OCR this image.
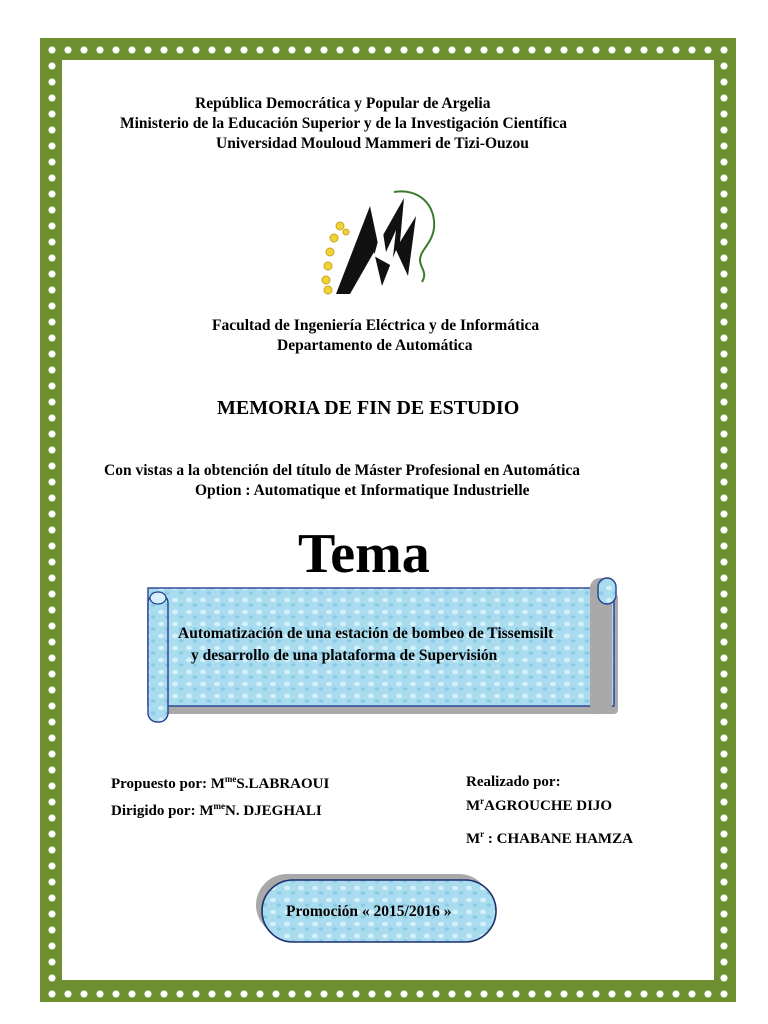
República Democrática y Popular de Argelia
Ministerio de la Educación Superior y de la Investigación Científica
Universidad Mouloud Mammeri de Tizi-Ouzou
Facultad de Ingeniería Eléctrica y de Informática
Departamento de Automática
MEMORIA DE FIN DE ESTUDIO
Con vistas a la obtención del título de Máster Profesional en Automática
Option : Automatique et Informatique Industrielle
Tema
Automatización de una estación de bombeo de Tissemsilt
y desarrollo de una plataforma de Supervisión
Propuesto por: $M^{me}S.LABRAOUI$
Dirigido por: $M^{me}N$. DJEGHALI
Realizado por:
$M^rAGROUCHE$ DIJO
$M^r$ : CHABANE HAMZA
Promoción « 2015/2016 »
